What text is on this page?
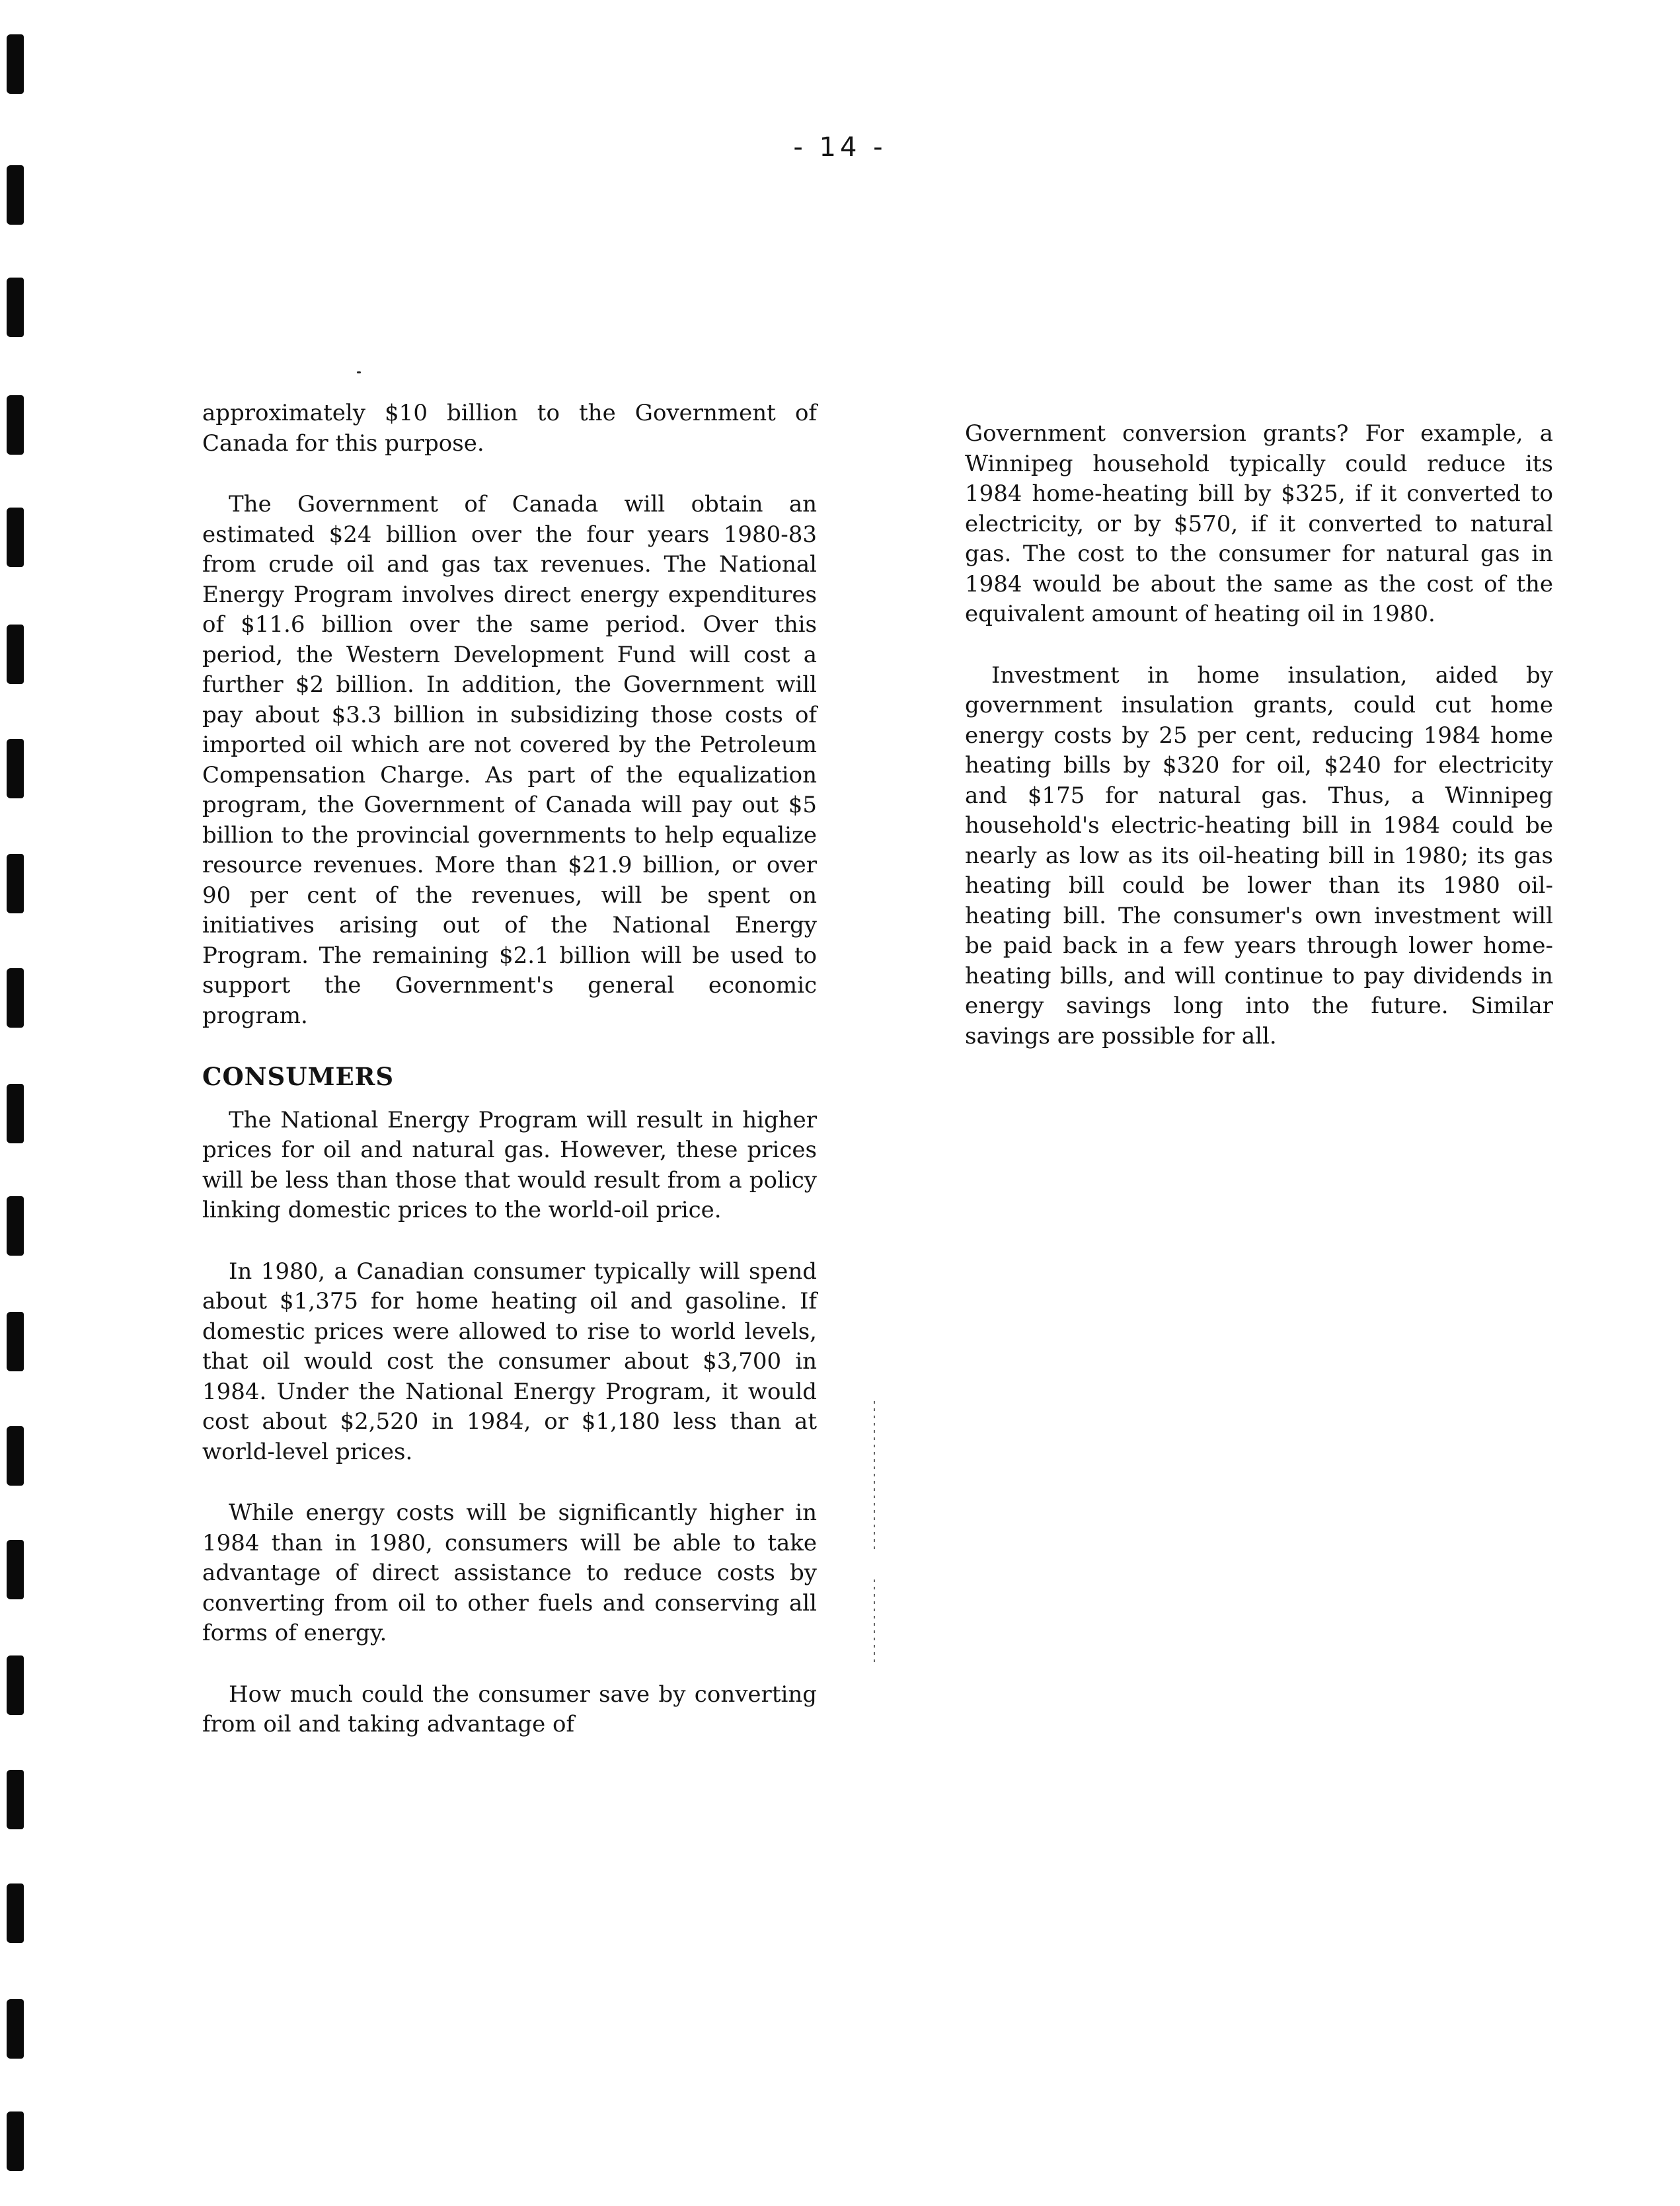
- 14 -

approximately $10 billion to the Government of Canada for this purpose.

The Government of Canada will obtain an estimated $24 billion over the four years 1980-83 from crude oil and gas tax revenues. The National Energy Program involves direct energy expenditures of $11.6 billion over the same period. Over this period, the Western Development Fund will cost a further $2 billion. In addition, the Government will pay about $3.3 billion in subsidizing those costs of imported oil which are not covered by the Petroleum Compensation Charge. As part of the equalization program, the Government of Canada will pay out $5 billion to the provincial governments to help equalize resource revenues. More than $21.9 billion, or over 90 per cent of the revenues, will be spent on initiatives arising out of the National Energy Program. The remaining $2.1 billion will be used to support the Government's general economic program.

CONSUMERS

The National Energy Program will result in higher prices for oil and natural gas. However, these prices will be less than those that would result from a policy linking domestic prices to the world-oil price.

In 1980, a Canadian consumer typically will spend about $1,375 for home heating oil and gasoline. If domestic prices were allowed to rise to world levels, that oil would cost the consumer about $3,700 in 1984. Under the National Energy Program, it would cost about $2,520 in 1984, or $1,180 less than at world-level prices.

While energy costs will be significantly higher in 1984 than in 1980, consumers will be able to take advantage of direct assistance to reduce costs by converting from oil to other fuels and conserving all forms of energy.

How much could the consumer save by converting from oil and taking advantage of

Government conversion grants? For example, a Winnipeg household typically could reduce its 1984 home-heating bill by $325, if it converted to electricity, or by $570, if it converted to natural gas. The cost to the consumer for natural gas in 1984 would be about the same as the cost of the equivalent amount of heating oil in 1980.

Investment in home insulation, aided by government insulation grants, could cut home energy costs by 25 per cent, reducing 1984 home heating bills by $320 for oil, $240 for electricity and $175 for natural gas. Thus, a Winnipeg household's electric-heating bill in 1984 could be nearly as low as its oil-heating bill in 1980; its gas heating bill could be lower than its 1980 oil-heating bill. The consumer's own investment will be paid back in a few years through lower home-heating bills, and will continue to pay dividends in energy savings long into the future. Similar savings are possible for all.
